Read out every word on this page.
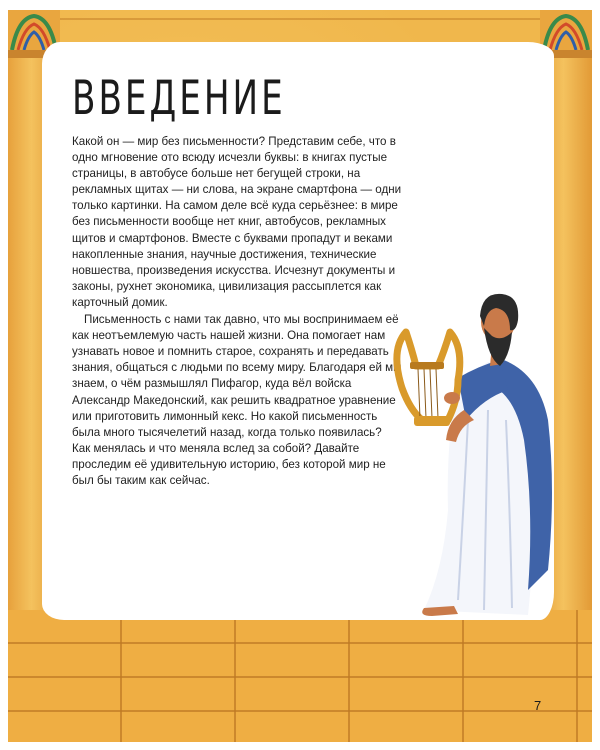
ВВЕДЕНИЕ

Какой он — мир без письменности? Представим себе, что в одно мгновение ото всюду исчезли буквы: в книгах пустые страницы, в автобусе больше нет бегущей строки, на рекламных щитах — ни слова, на экране смартфона — одни только картинки. На самом деле всё куда серьёзнее: в мире без письменности вообще нет книг, автобусов, рекламных щитов и смартфонов. Вместе с буквами пропадут и веками накопленные знания, научные достижения, технические новшества, произведения искусства. Исчезнут документы и законы, рухнет экономика, цивилизация рассыплется как карточный домик.

Письменность с нами так давно, что мы воспринимаем её как неотъемлемую часть нашей жизни. Она помогает нам узнавать новое и помнить старое, сохранять и передавать знания, общаться с людьми по всему миру. Благодаря ей мы знаем, о чём размышлял Пифагор, куда вёл войска Александр Македонский, как решить квадратное уравнение или приготовить лимонный кекс. Но какой письменность была много тысячелетий назад, когда только появилась? Как менялась и что меняла вслед за собой? Давайте проследим её удивительную историю, без которой мир не был бы таким как сейчас.

7
